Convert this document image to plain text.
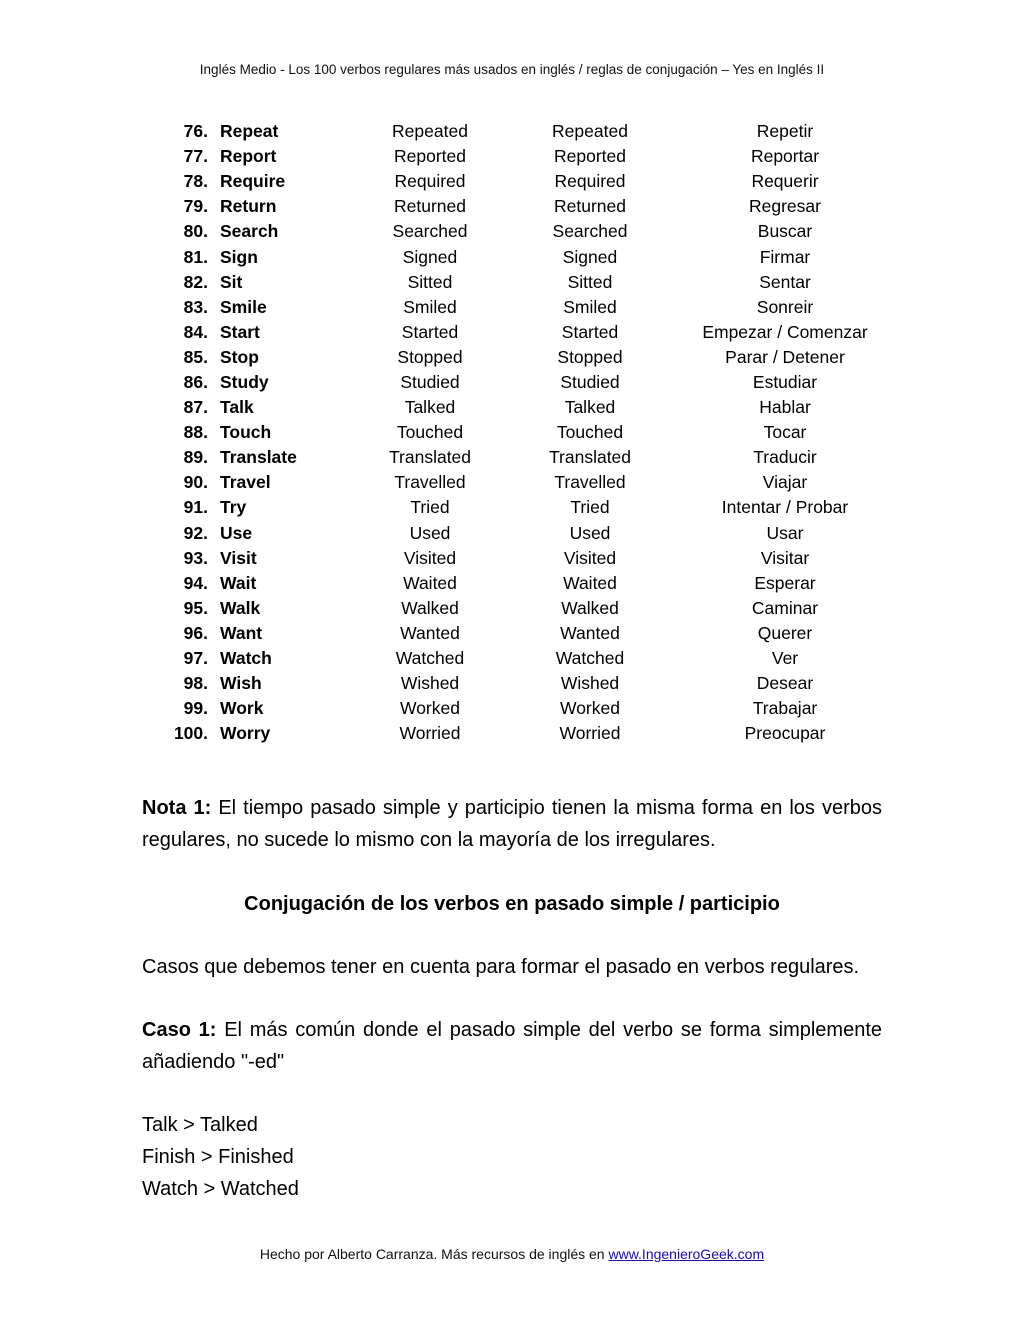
Inglés Medio - Los 100 verbos regulares más usados en inglés / reglas de conjugación – Yes en Inglés II
76.	Repeat	Repeated	Repeated	Repetir
77.	Report	Reported	Reported	Reportar
78.	Require	Required	Required	Requerir
79.	Return	Returned	Returned	Regresar
80.	Search	Searched	Searched	Buscar
81.	Sign	Signed	Signed	Firmar
82.	Sit	Sitted	Sitted	Sentar
83.	Smile	Smiled	Smiled	Sonreir
84.	Start	Started	Started	Empezar / Comenzar
85.	Stop	Stopped	Stopped	Parar / Detener
86.	Study	Studied	Studied	Estudiar
87.	Talk	Talked	Talked	Hablar
88.	Touch	Touched	Touched	Tocar
89.	Translate	Translated	Translated	Traducir
90.	Travel	Travelled	Travelled	Viajar
91.	Try	Tried	Tried	Intentar / Probar
92.	Use	Used	Used	Usar
93.	Visit	Visited	Visited	Visitar
94.	Wait	Waited	Waited	Esperar
95.	Walk	Walked	Walked	Caminar
96.	Want	Wanted	Wanted	Querer
97.	Watch	Watched	Watched	Ver
98.	Wish	Wished	Wished	Desear
99.	Work	Worked	Worked	Trabajar
100.	Worry	Worried	Worried	Preocupar

Nota 1: El tiempo pasado simple y participio tienen la misma forma en los verbos regulares, no sucede lo mismo con la mayoría de los irregulares.

Conjugación de los verbos en pasado simple / participio

Casos que debemos tener en cuenta para formar el pasado en verbos regulares.

Caso 1: El más común donde el pasado simple del verbo se forma simplemente añadiendo "-ed"

Talk > Talked
Finish > Finished
Watch > Watched
Hecho por Alberto Carranza. Más recursos de inglés en www.IngenieroGeek.com
